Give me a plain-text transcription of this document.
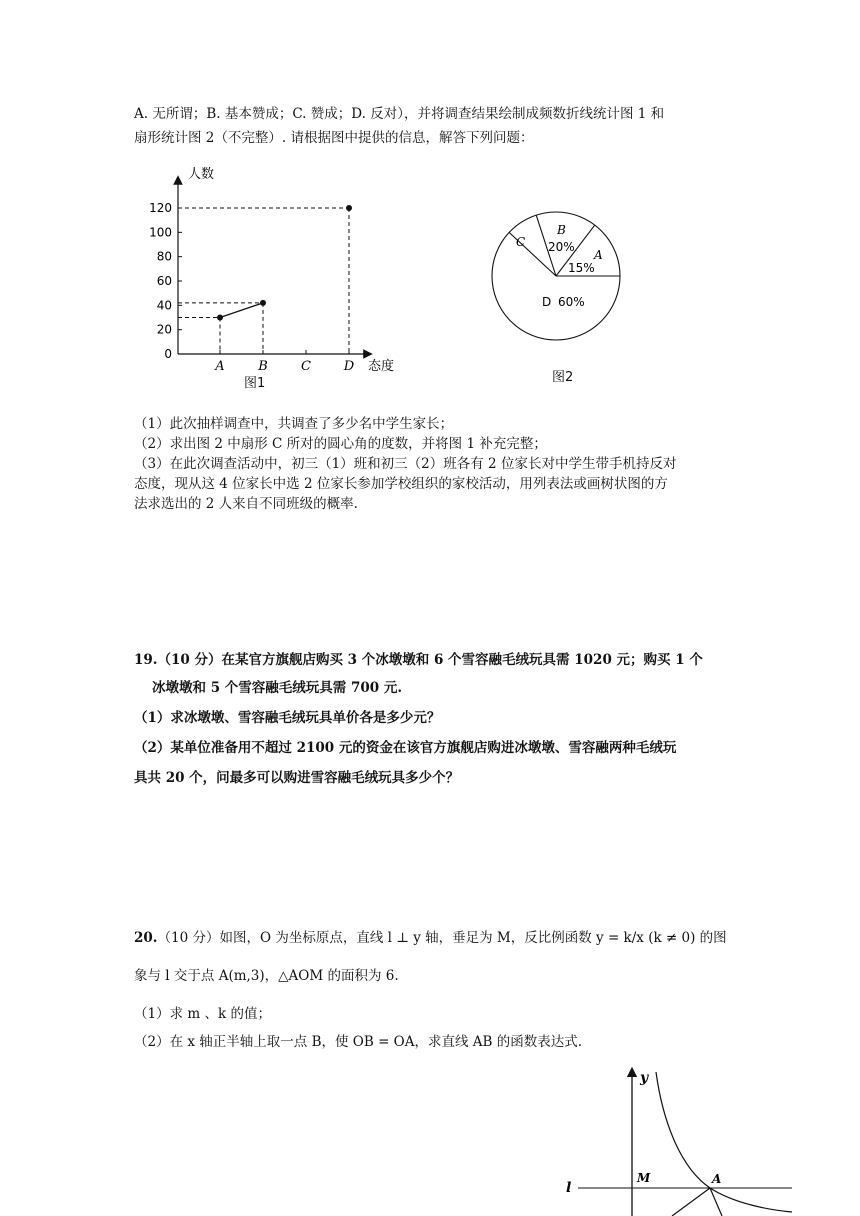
A. 无所谓；B. 基本赞成；C. 赞成；D. 反对），并将调查结果绘制成频数折线统计图 1 和
扇形统计图 2（不完整）. 请根据图中提供的信息，解答下列问题：
人数
态度
0
20
40
60
80
100
120
A	B	C	D
图1
C
B
20%
A
15%
D 60%
图2
（1）此次抽样调查中，共调查了多少名中学生家长；
（2）求出图 2 中扇形 C 所对的圆心角的度数，并将图 1 补充完整；
（3）在此次调查活动中，初三（1）班和初三（2）班各有 2 位家长对中学生带手机持反对
态度，现从这 4 位家长中选 2 位家长参加学校组织的家校活动，用列表法或画树状图的方
法求选出的 2 人来自不同班级的概率.
19.（10 分）在某官方旗舰店购买 3 个冰墩墩和 6 个雪容融毛绒玩具需 1020 元；购买 1 个
冰墩墩和 5 个雪容融毛绒玩具需 700 元.
（1）求冰墩墩、雪容融毛绒玩具单价各是多少元？
（2）某单位准备用不超过 2100 元的资金在该官方旗舰店购进冰墩墩、雪容融两种毛绒玩
具共 20 个，问最多可以购进雪容融毛绒玩具多少个？
20.（10 分）如图，O 为坐标原点，直线 l ⊥ y 轴，垂足为 M，反比例函数 y = k/x (k ≠ 0) 的图
象与 l 交于点 A(m,3)，△AOM 的面积为 6.
（1）求 m 、k 的值；
（2）在 x 轴正半轴上取一点 B，使 OB = OA，求直线 AB 的函数表达式.
y
l
M	A
